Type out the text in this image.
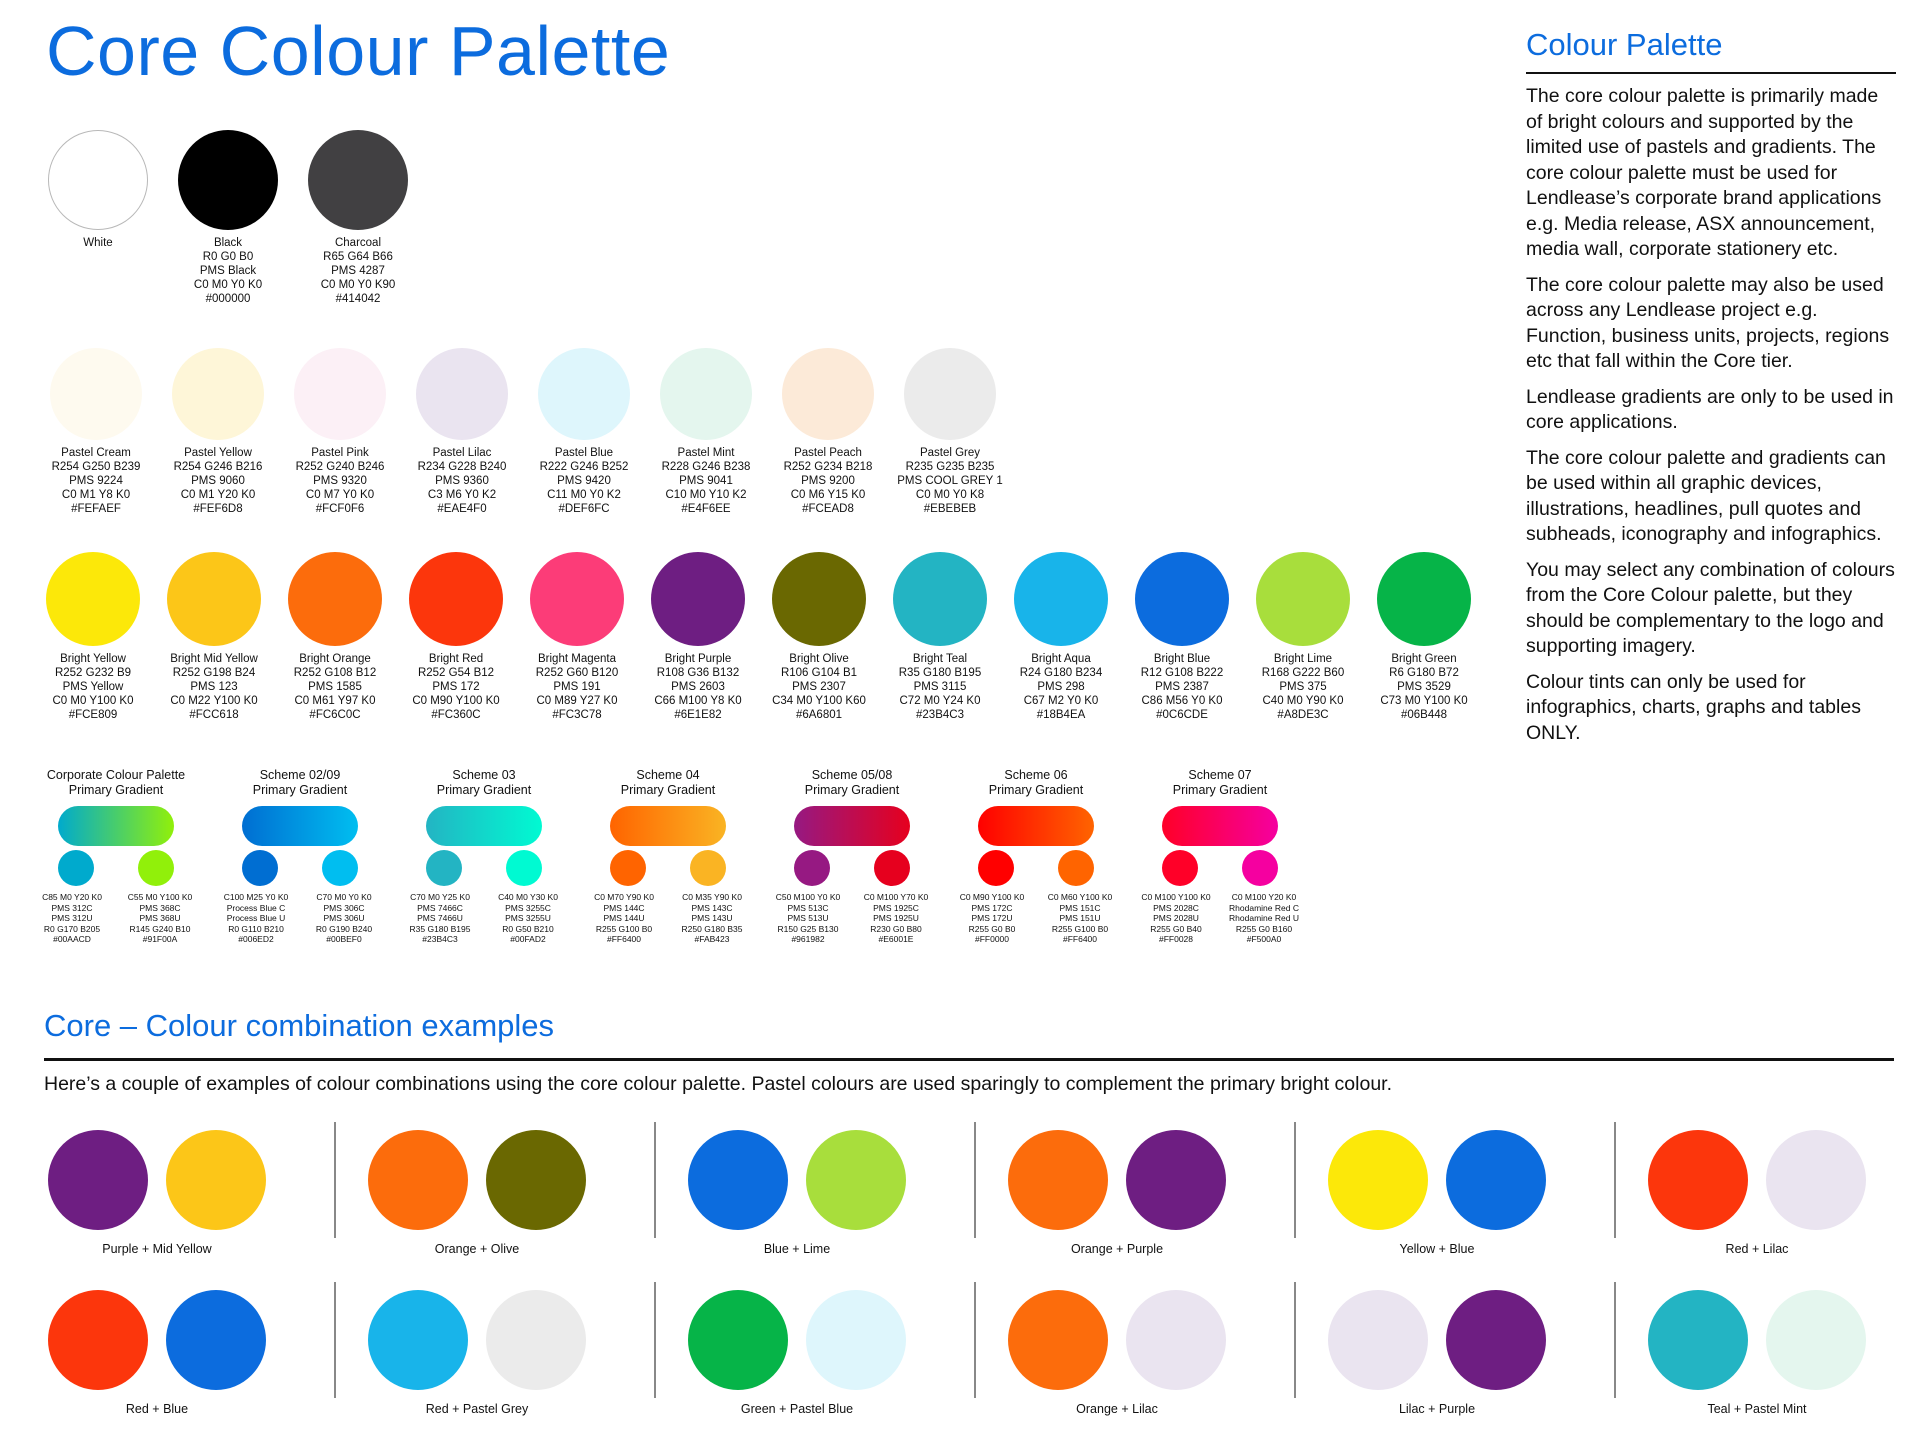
Core Colour Palette
White	Black
R0 G0 B0
PMS Black
C0 M0 Y0 K0
#000000
Charcoal
R65 G64 B66
PMS 4287
C0 M0 Y0 K90
#414042
Pastel Cream
R254 G250 B239
PMS 9224
C0 M1 Y8 K0
#FEFAEF
Pastel Yellow
R254 G246 B216
PMS 9060
C0 M1 Y20 K0
#FEF6D8
Pastel Pink
R252 G240 B246
PMS 9320
C0 M7 Y0 K0
#FCF0F6
Pastel Lilac
R234 G228 B240
PMS 9360
C3 M6 Y0 K2
#EAE4F0
Pastel Blue
R222 G246 B252
PMS 9420
C11 M0 Y0 K2
#DEF6FC
Pastel Mint
R228 G246 B238
PMS 9041
C10 M0 Y10 K2
#E4F6EE
Pastel Peach
R252 G234 B218
PMS 9200
C0 M6 Y15 K0
#FCEAD8
Pastel Grey
R235 G235 B235
PMS COOL GREY 1
C0 M0 Y0 K8
#EBEBEB
Bright Yellow
R252 G232 B9
PMS Yellow
C0 M0 Y100 K0
#FCE809
Bright Mid Yellow
R252 G198 B24
PMS 123
C0 M22 Y100 K0
#FCC618
Bright Orange
R252 G108 B12
PMS 1585
C0 M61 Y97 K0
#FC6C0C
Bright Red
R252 G54 B12
PMS 172
C0 M90 Y100 K0
#FC360C
Bright Magenta
R252 G60 B120
PMS 191
C0 M89 Y27 K0
#FC3C78
Bright Purple
R108 G36 B132
PMS 2603
C66 M100 Y8 K0
#6E1E82
Bright Olive
R106 G104 B1
PMS 2307
C34 M0 Y100 K60
#6A6801
Bright Teal
R35 G180 B195
PMS 3115
C72 M0 Y24 K0
#23B4C3
Bright Aqua
R24 G180 B234
PMS 298
C67 M2 Y0 K0
#18B4EA
Bright Blue
R12 G108 B222
PMS 2387
C86 M56 Y0 K0
#0C6CDE
Bright Lime
R168 G222 B60
PMS 375
C40 M0 Y90 K0
#A8DE3C
Bright Green
R6 G180 B72
PMS 3529
C73 M0 Y100 K0
#06B448
Corporate Colour Palette
Primary Gradient
C85 M0 Y20 K0
PMS 312C
PMS 312U
R0 G170 B205
#00AACD
C55 M0 Y100 K0
PMS 368C
PMS 368U
R145 G240 B10
#91F00A
Scheme 02/09
Primary Gradient
C100 M25 Y0 K0
Process Blue C
Process Blue U
R0 G110 B210
#006ED2
C70 M0 Y0 K0
PMS 306C
PMS 306U
R0 G190 B240
#00BEF0
Scheme 03
Primary Gradient
C70 M0 Y25 K0
PMS 7466C
PMS 7466U
R35 G180 B195
#23B4C3
C40 M0 Y30 K0
PMS 3255C
PMS 3255U
R0 G50 B210
#00FAD2
Scheme 04
Primary Gradient
C0 M70 Y90 K0
PMS 144C
PMS 144U
R255 G100 B0
#FF6400
C0 M35 Y90 K0
PMS 143C
PMS 143U
R250 G180 B35
#FAB423
Scheme 05/08
Primary Gradient
C50 M100 Y0 K0
PMS 513C
PMS 513U
R150 G25 B130
#961982
C0 M100 Y70 K0
PMS 1925C
PMS 1925U
R230 G0 B80
#E6001E
Scheme 06
Primary Gradient
C0 M90 Y100 K0
PMS 172C
PMS 172U
R255 G0 B0
#FF0000
C0 M60 Y100 K0
PMS 151C
PMS 151U
R255 G100 B0
#FF6400
Scheme 07
Primary Gradient
C0 M100 Y100 K0
PMS 2028C
PMS 2028U
R255 G0 B40
#FF0028
C0 M100 Y20 K0
Rhodamine Red C
Rhodamine Red U
R255 G0 B160
#F500A0
Colour Palette

The core colour palette is primarily made of bright colours and supported by the limited use of pastels and gradients. The core colour palette must be used for Lendlease’s corporate brand applications e.g. Media release, ASX announcement, media wall, corporate stationery etc.

The core colour palette may also be used across any Lendlease project e.g. Function, business units, projects, regions etc that fall within the Core tier.

Lendlease gradients are only to be used in core applications.

The core colour palette and gradients can be used within all graphic devices, illustrations, headlines, pull quotes and subheads, iconography and infographics.

You may select any combination of colours from the Core Colour palette, but they should be complementary to the logo and supporting imagery.

Colour tints can only be used for infographics, charts, graphs and tables ONLY.

Core – Colour combination examples
Here’s a couple of examples of colour combinations using the core colour palette. Pastel colours are used sparingly to complement the primary bright colour.
Purple + Mid Yellow	Orange + Olive	Blue + Lime	Orange + Purple	Yellow + Blue	Red + Lilac
Red + Blue	Red + Pastel Grey	Green + Pastel Blue	Orange + Lilac	Lilac + Purple	Teal + Pastel Mint
